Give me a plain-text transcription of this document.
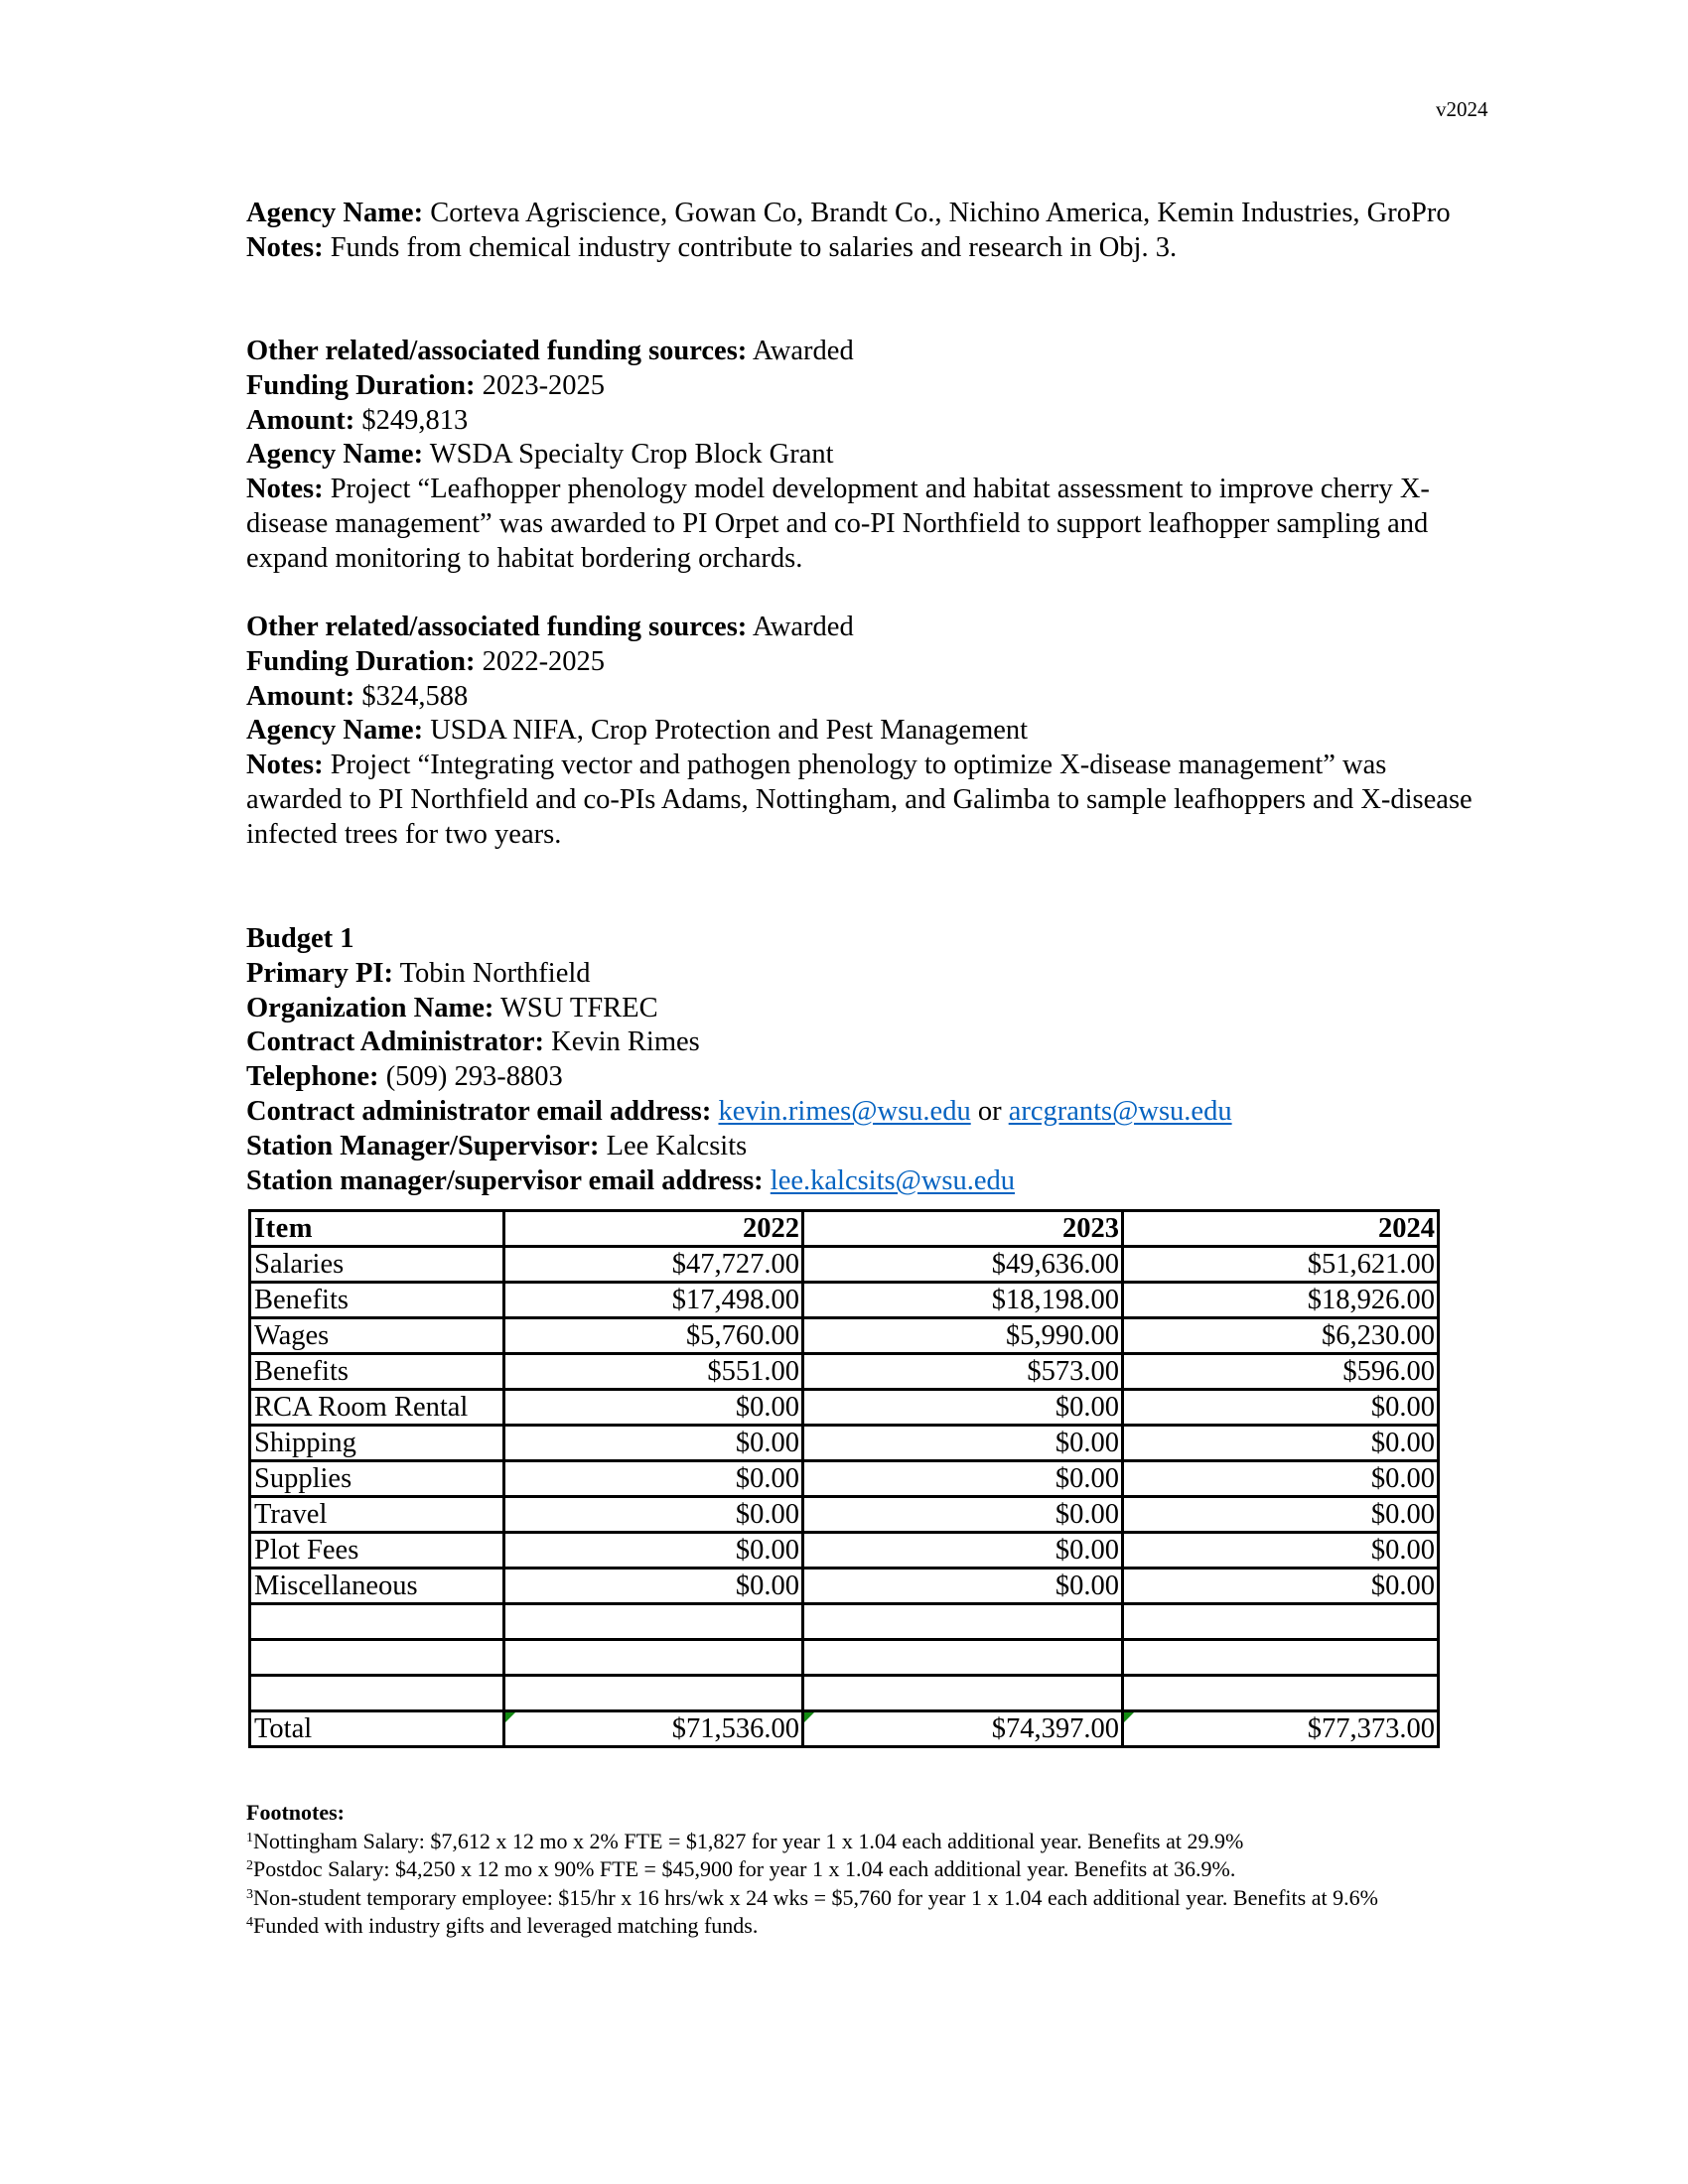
v2024

Agency Name: Corteva Agriscience, Gowan Co, Brandt Co., Nichino America, Kemin Industries, GroPro

Notes: Funds from chemical industry contribute to salaries and research in Obj. 3.

Other related/associated funding sources: Awarded

Funding Duration: 2023-2025

Amount: $249,813

Agency Name: WSDA Specialty Crop Block Grant

Notes: Project “Leafhopper phenology model development and habitat assessment to improve cherry X-disease management” was awarded to PI Orpet and co-PI Northfield to support leafhopper sampling and expand monitoring to habitat bordering orchards.

Other related/associated funding sources: Awarded

Funding Duration: 2022-2025

Amount: $324,588

Agency Name: USDA NIFA, Crop Protection and Pest Management

Notes: Project “Integrating vector and pathogen phenology to optimize X-disease management” was awarded to PI Northfield and co-PIs Adams, Nottingham, and Galimba to sample leafhoppers and X-disease infected trees for two years.

Budget 1

Primary PI: Tobin Northfield

Organization Name: WSU TFREC

Contract Administrator: Kevin Rimes

Telephone: (509) 293-8803

Contract administrator email address: kevin.rimes@wsu.edu or arcgrants@wsu.edu

Station Manager/Supervisor: Lee Kalcsits

Station manager/supervisor email address: lee.kalcsits@wsu.edu

Item	2022	2023	2024
Salaries	$47,727.00	$49,636.00	$51,621.00
Benefits	$17,498.00	$18,198.00	$18,926.00
Wages	$5,760.00	$5,990.00	$6,230.00
Benefits	$551.00	$573.00	$596.00
RCA Room Rental	$0.00	$0.00	$0.00
Shipping	$0.00	$0.00	$0.00
Supplies	$0.00	$0.00	$0.00
Travel	$0.00	$0.00	$0.00
Plot Fees	$0.00	$0.00	$0.00
Miscellaneous	$0.00	$0.00	$0.00

Total	$71,536.00	$74,397.00	$77,373.00

Footnotes:

$^1$Nottingham Salary: $7,612 x 12 mo x 2% FTE = $1,827 for year 1 x 1.04 each additional year. Benefits at 29.9%

$^2$Postdoc Salary: $4,250 x 12 mo x 90% FTE = $45,900 for year 1 x 1.04 each additional year. Benefits at 36.9%.

$^3$Non-student temporary employee: $15/hr x 16 hrs/wk x 24 wks = $5,760 for year 1 x 1.04 each additional year. Benefits at 9.6%

$^4$Funded with industry gifts and leveraged matching funds.
